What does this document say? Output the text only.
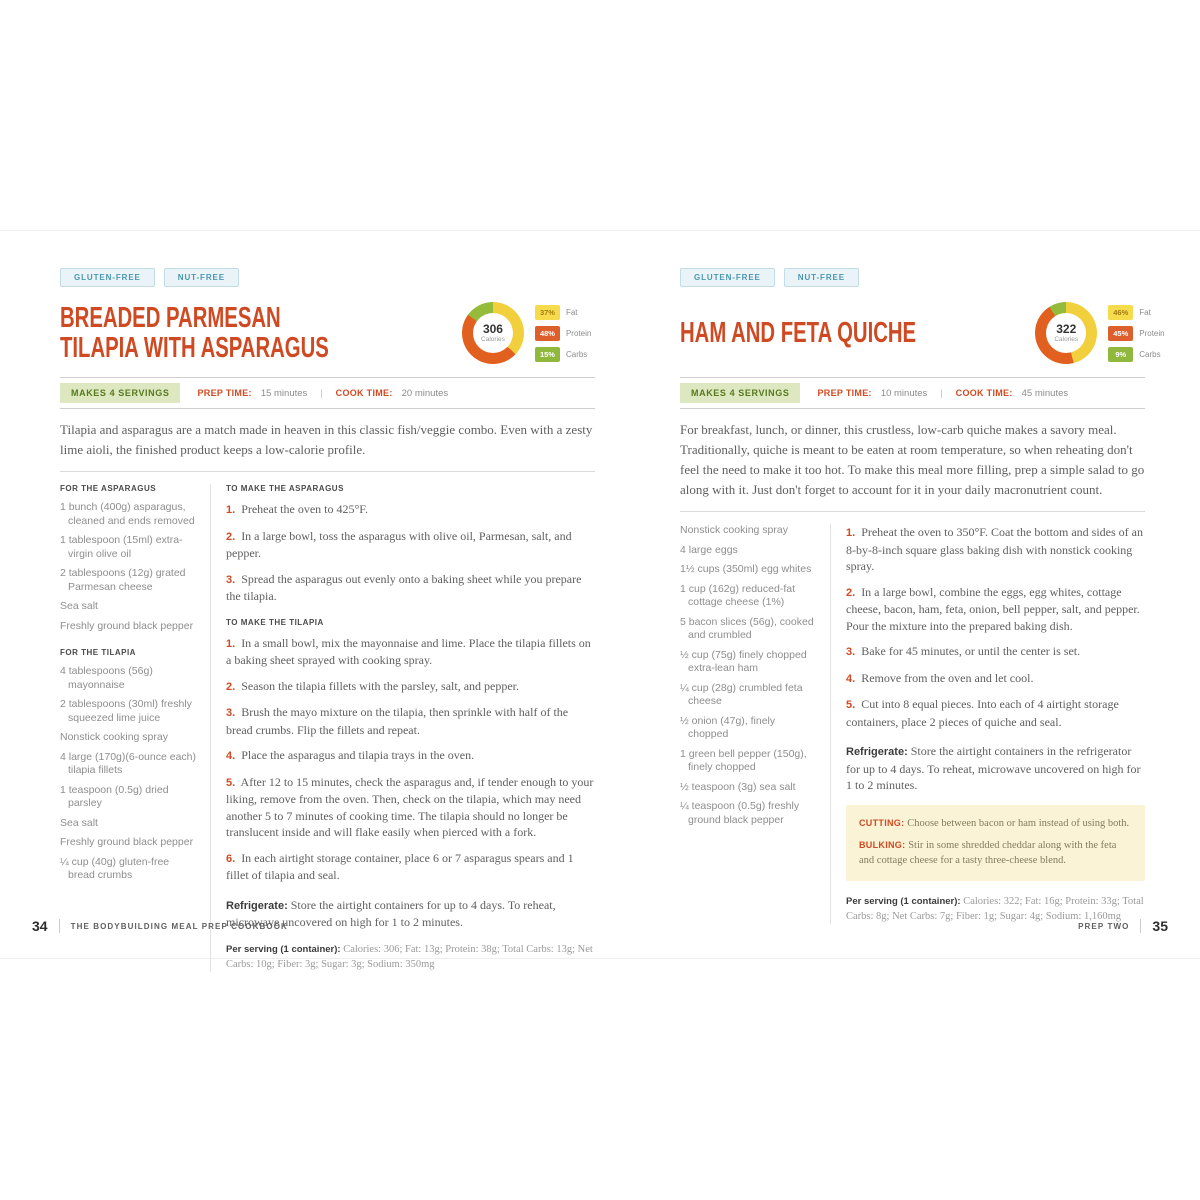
GLUTEN-FREE	NUT-FREE
BREADED PARMESAN
TILAPIA WITH ASPARAGUS
306
Calories
37%	Fat
48%	Protein
15%	Carbs
MAKES 4 SERVINGS	PREP TIME: 15 minutes	|	COOK TIME: 20 minutes

Tilapia and asparagus are a match made in heaven in this classic fish/veggie combo. Even with a zesty lime aioli, the finished product keeps a low-calorie profile.

FOR THE ASPARAGUS

1 bunch (400g) asparagus, cleaned and ends removed

1 tablespoon (15ml) extra-virgin olive oil

2 tablespoons (12g) grated Parmesan cheese

Sea salt

Freshly ground black pepper

FOR THE TILAPIA

4 tablespoons (56g) mayonnaise

2 tablespoons (30ml) freshly squeezed lime juice

Nonstick cooking spray

4 large (170g)(6-ounce each) tilapia fillets

1 teaspoon (0.5g) dried parsley

Sea salt

Freshly ground black pepper

¼ cup (40g) gluten-free bread crumbs

TO MAKE THE ASPARAGUS

1. Preheat the oven to 425°F.

2. In a large bowl, toss the asparagus with olive oil, Parmesan, salt, and pepper.

3. Spread the asparagus out evenly onto a baking sheet while you prepare the tilapia.

TO MAKE THE TILAPIA

1. In a small bowl, mix the mayonnaise and lime. Place the tilapia fillets on a baking sheet sprayed with cooking spray.

2. Season the tilapia fillets with the parsley, salt, and pepper.

3. Brush the mayo mixture on the tilapia, then sprinkle with half of the bread crumbs. Flip the fillets and repeat.

4. Place the asparagus and tilapia trays in the oven.

5. After 12 to 15 minutes, check the asparagus and, if tender enough to your liking, remove from the oven. Then, check on the tilapia, which may need another 5 to 7 minutes of cooking time. The tilapia should no longer be translucent inside and will flake easily when pierced with a fork.

6. In each airtight storage container, place 6 or 7 asparagus spears and 1 fillet of tilapia and seal.

Refrigerate: Store the airtight containers for up to 4 days. To reheat, microwave uncovered on high for 1 to 2 minutes.

Per serving (1 container): Calories: 306; Fat: 13g; Protein: 38g; Total Carbs: 13g; Net Carbs: 10g; Fiber: 3g; Sugar: 3g; Sodium: 350mg

GLUTEN-FREE	NUT-FREE
HAM AND FETA QUICHE	322
Calories
46%	Fat
45%	Protein
9%	Carbs
MAKES 4 SERVINGS	PREP TIME: 10 minutes	|	COOK TIME: 45 minutes

For breakfast, lunch, or dinner, this crustless, low-carb quiche makes a savory meal. Traditionally, quiche is meant to be eaten at room temperature, so when reheating don't feel the need to make it too hot. To make this meal more filling, prep a simple salad to go along with it. Just don't forget to account for it in your daily macronutrient count.

Nonstick cooking spray

4 large eggs

1½ cups (350ml) egg whites

1 cup (162g) reduced-fat cottage cheese (1%)

5 bacon slices (56g), cooked and crumbled

½ cup (75g) finely chopped extra-lean ham

¼ cup (28g) crumbled feta cheese

½ onion (47g), finely chopped

1 green bell pepper (150g), finely chopped

½ teaspoon (3g) sea salt

¼ teaspoon (0.5g) freshly ground black pepper

1. Preheat the oven to 350°F. Coat the bottom and sides of an 8-by-8-inch square glass baking dish with nonstick cooking spray.

2. In a large bowl, combine the eggs, egg whites, cottage cheese, bacon, ham, feta, onion, bell pepper, salt, and pepper. Pour the mixture into the prepared baking dish.

3. Bake for 45 minutes, or until the center is set.

4. Remove from the oven and let cool.

5. Cut into 8 equal pieces. Into each of 4 airtight storage containers, place 2 pieces of quiche and seal.

Refrigerate: Store the airtight containers in the refrigerator for up to 4 days. To reheat, microwave uncovered on high for 1 to 2 minutes.

CUTTING: Choose between bacon or ham instead of using both.

BULKING: Stir in some shredded cheddar along with the feta and cottage cheese for a tasty three-cheese blend.

Per serving (1 container): Calories: 322; Fat: 16g; Protein: 33g; Total Carbs: 8g; Net Carbs: 7g; Fiber: 1g; Sugar: 4g; Sodium: 1,160mg

34	THE BODYBUILDING MEAL PREP COOKBOOK	PREP TWO 35
